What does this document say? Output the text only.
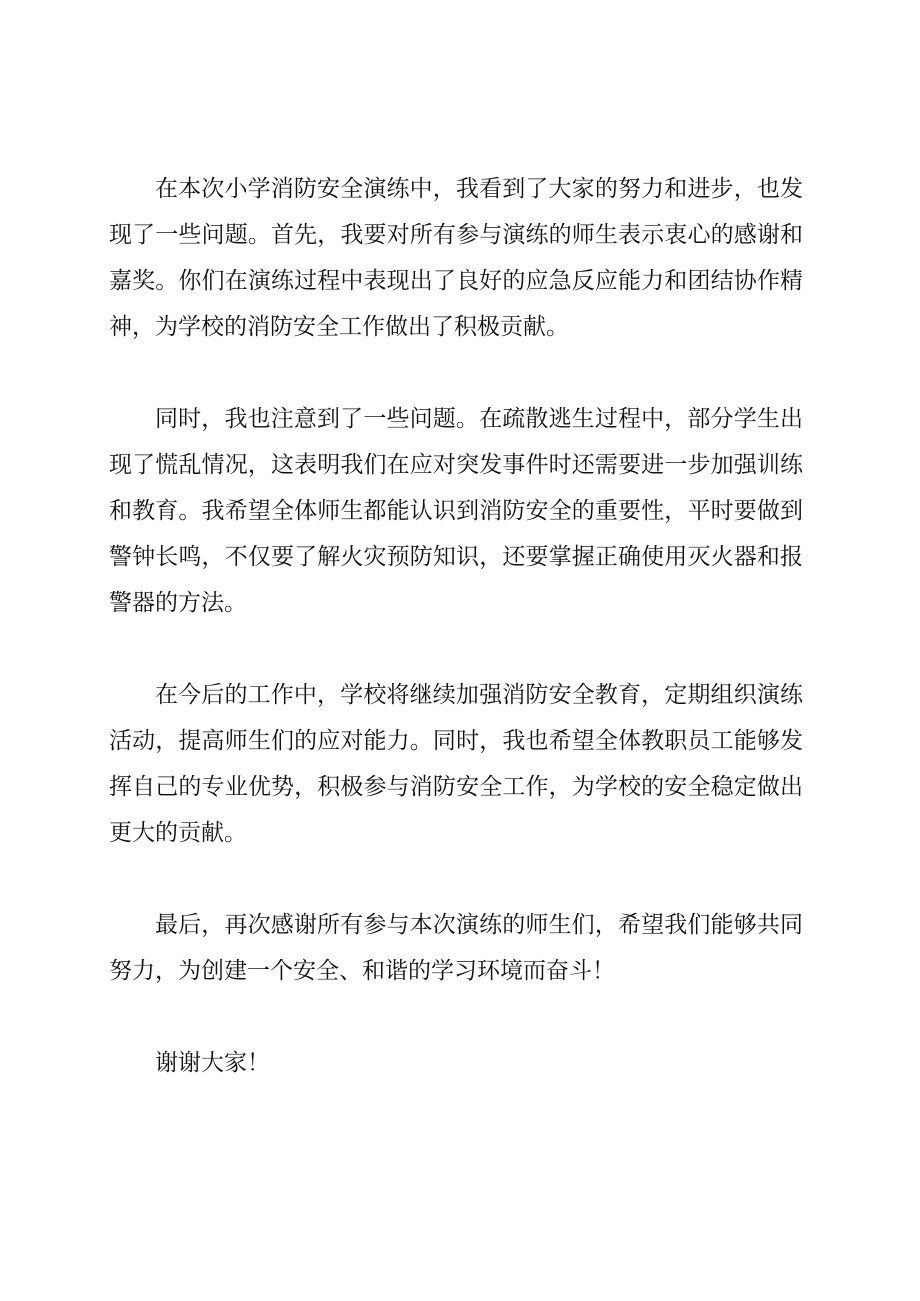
在本次小学消防安全演练中，我看到了大家的努力和进步，也发现了一些问题。首先，我要对所有参与演练的师生表示衷心的感谢和嘉奖。你们在演练过程中表现出了良好的应急反应能力和团结协作精神，为学校的消防安全工作做出了积极贡献。

同时，我也注意到了一些问题。在疏散逃生过程中，部分学生出现了慌乱情况，这表明我们在应对突发事件时还需要进一步加强训练和教育。我希望全体师生都能认识到消防安全的重要性，平时要做到警钟长鸣，不仅要了解火灾预防知识，还要掌握正确使用灭火器和报警器的方法。

在今后的工作中，学校将继续加强消防安全教育，定期组织演练活动，提高师生们的应对能力。同时，我也希望全体教职员工能够发挥自己的专业优势，积极参与消防安全工作，为学校的安全稳定做出更大的贡献。

最后，再次感谢所有参与本次演练的师生们，希望我们能够共同努力，为创建一个安全、和谐的学习环境而奋斗！

谢谢大家！
